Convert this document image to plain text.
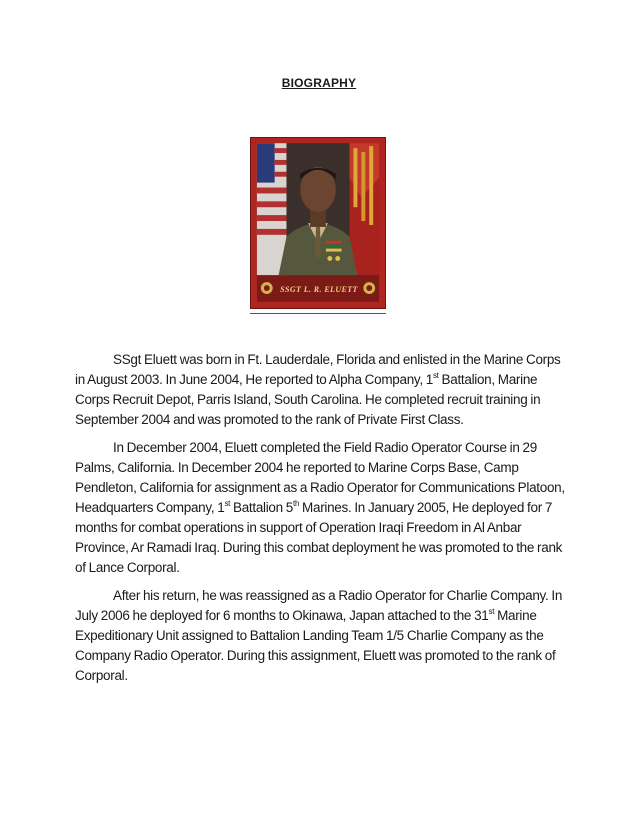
BIOGRAPHY
SSGT L. R. ELUETT

SSgt Eluett was born in Ft. Lauderdale, Florida and enlisted in the Marine Corps in August 2003. In June 2004, He reported to Alpha Company, 1st Battalion, Marine Corps Recruit Depot, Parris Island, South Carolina. He completed recruit training in September 2004 and was promoted to the rank of Private First Class.

In December 2004, Eluett completed the Field Radio Operator Course in 29 Palms, California. In December 2004 he reported to Marine Corps Base, Camp Pendleton, California for assignment as a Radio Operator for Communications Platoon, Headquarters Company, 1st Battalion 5th Marines. In January 2005, He deployed for 7 months for combat operations in support of Operation Iraqi Freedom in Al Anbar Province, Ar Ramadi Iraq. During this combat deployment he was promoted to the rank of Lance Corporal.

After his return, he was reassigned as a Radio Operator for Charlie Company. In July 2006 he deployed for 6 months to Okinawa, Japan attached to the 31st Marine Expeditionary Unit assigned to Battalion Landing Team 1/5 Charlie Company as the Company Radio Operator. During this assignment, Eluett was promoted to the rank of Corporal.
